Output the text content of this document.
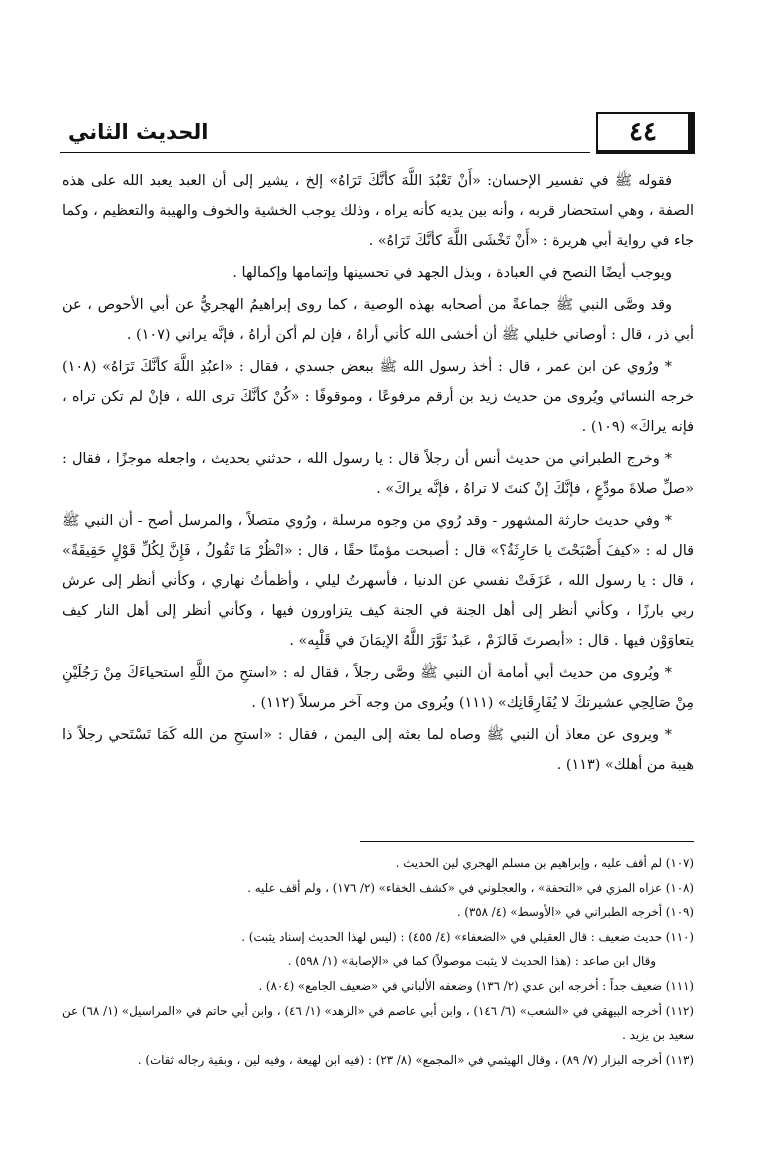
الحديث الثاني	٤٤

فقوله ﷺ في تفسير الإحسان: «أَنْ تَعْبُدَ اللَّهَ كأنَّكَ تَرَاهُ» إلخ ، يشير إلى أن العبد يعبد الله على هذه الصفة ، وهي استحضار قربه ، وأنه بين يديه كأنه يراه ، وذلك يوجب الخشية والخوف والهيبة والتعظيم ، وكما جاء في رواية أبي هريرة : «أَنْ تَخْشَى اللَّهَ كأنَّكَ تَرَاهُ» .

ويوجب أيضًا النصح في العبادة ، وبذل الجهد في تحسينها وإتمامها وإكمالها .

وقد وصَّى النبي ﷺ جماعةً من أصحابه بهذه الوصية ، كما روى إبراهيمُ الهجريُّ عن أبي الأحوص ، عن أبي ذر ، قال : أوصاني خليلي ﷺ أن أخشى الله كأني أراهُ ، فإن لم أكن أراهُ ، فإنَّه يراني (١٠٧) .

* ورُوي عن ابن عمر ، قال : أخذ رسول الله ﷺ ببعض جسدي ، فقال : «اعبُدِ اللَّهَ كأنَّكَ تَرَاهُ» (١٠٨) خرجه النسائي ويُروى من حديث زيد بن أرقم مرفوعًا ، وموقوفًا : «كُنْ كأنَّكَ ترى الله ، فإنْ لم تكن تراه ، فإنه يراكَ» (١٠٩) .

* وخرج الطبراني من حديث أنس أن رجلاً قال : يا رسول الله ، حدثني بحديث ، واجعله موجزًا ، فقال : «صلِّ صلاةَ مودِّعٍ ، فإنَّكَ إنْ كنتَ لا تراهُ ، فإنَّه يراكَ» .

* وفي حديث حارثة المشهور - وقد رُوي من وجوه مرسلة ، ورُوي متصلاً ، والمرسل أصح - أن النبي ﷺ قال له : «كيفَ أَصْبَحْتَ يا حَارِثَةُ؟» قال : أصبحت مؤمنًا حقًا ، قال : «انْظُرْ مَا تَقُولُ ، فَإِنَّ لِكُلِّ قَوْلٍ حَقِيقَةً» ، قال : يا رسول الله ، عَزَفَتْ نفسي عن الدنيا ، فأسهرتُ ليلي ، وأظمأتُ نهاري ، وكأني أنظر إلى عرش ربي بارزًا ، وكأني أنظر إلى أهل الجنة في الجنة كيف يتزاورون فيها ، وكأني أنظر إلى أهل النار كيف يتعاوَوْن فيها . قال : «أبصرتَ فَالزَمْ ، عَبدٌ نَوَّرَ اللَّهُ الإيمَانَ في قَلْبِه» .

* ويُروى من حديث أبي أمامة أن النبي ﷺ وصَّى رجلاً ، فقال له : «استحِ منَ اللَّهِ استحياءَكَ مِنْ رَجُلَيْنِ مِنْ صَالِحِي عشيرتكَ لا يُفَارِقَانِك» (١١١) ويُروى من وجه آخر مرسلاً (١١٢) .

* ويروى عن معاذ أن النبي ﷺ وصاه لما بعثه إلى اليمن ، فقال : «استحِ من الله كَمَا تَسْتَحي رجلاً ذا هيبة من أهلك» (١١٣) .

(١٠٧) لم أقف عليه ، وإبراهيم بن مسلم الهجري لين الحديث .

(١٠٨) عزاه المزي في «التحفة» ، والعجلوني في «كشف الخفاء» (٢/ ١٧٦) ، ولم أقف عليه .

(١٠٩) أخرجه الطبراني في «الأوسط» (٤/ ٣٥٨) .

(١١٠) حديث ضعيف : قال العقيلي في «الضعفاء» (٤/ ٤٥٥) : (ليس لهذا الحديث إسناد يثبت) .

وقال ابن صاعد : (هذا الحديث لا يثبت موصولاً) كما في «الإصابة» (١/ ٥٩٨) .

(١١١) ضعيف جداً : أخرجه ابن عدي (٢/ ١٣٦) وضعفه الألباني في «ضعيف الجامع» (٨٠٤) .

(١١٢) أخرجه البيهقي في «الشعب» (٦/ ١٤٦) ، وابن أبي عاصم في «الزهد» (١/ ٤٦) ، وابن أبي حاتم في «المراسيل» (١/ ٦٨) عن سعيد بن يزيد .

(١١٣) أخرجه البزار (٧/ ٨٩) ، وقال الهيثمي في «المجمع» (٨/ ٢٣) : (فيه ابن لهيعة ، وفيه لين ، وبقية رجاله ثقات) .
